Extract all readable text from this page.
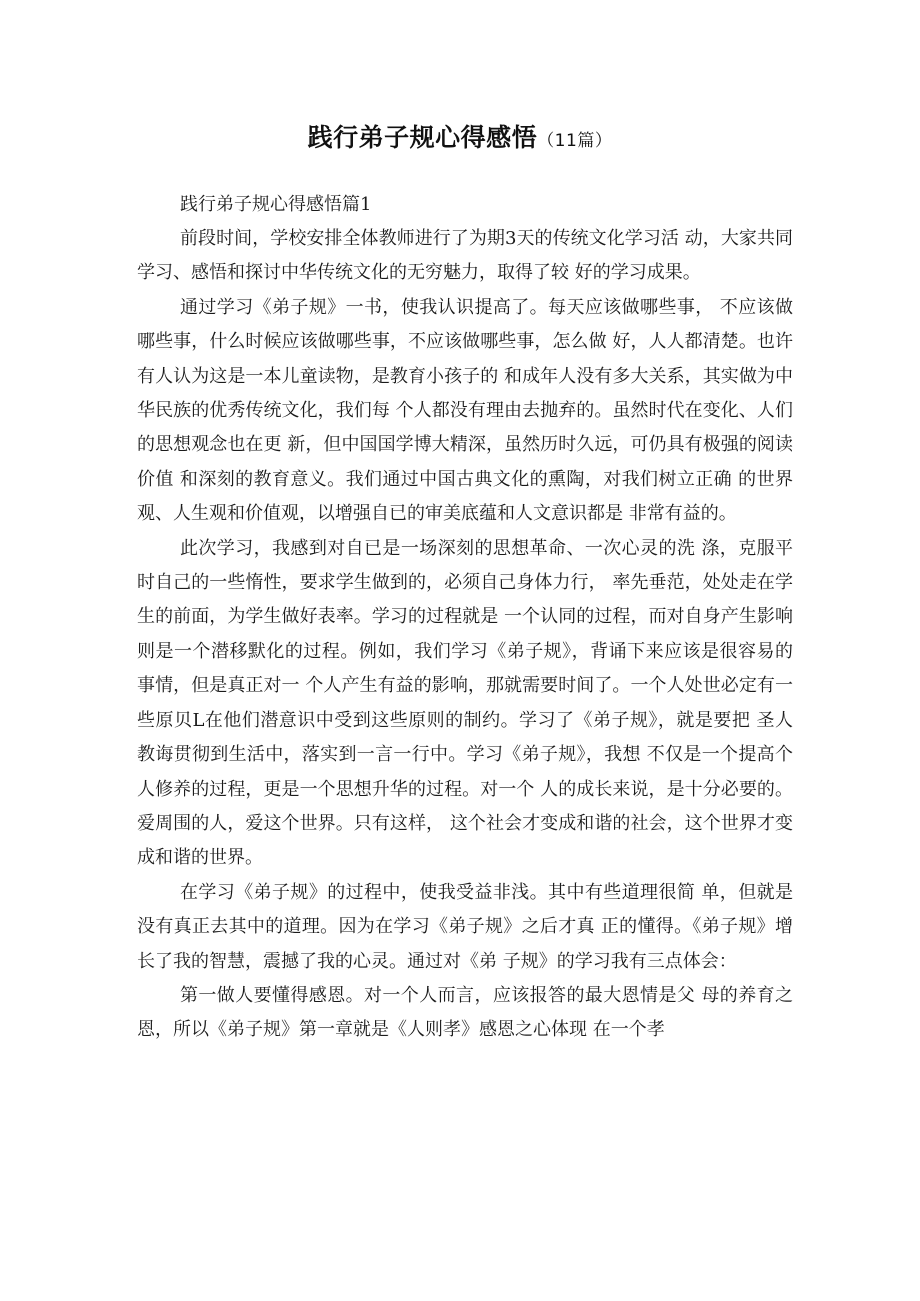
践行弟子规心得感悟（11篇）

践行弟子规心得感悟篇1

前段时间，学校安排全体教师进行了为期3天的传统文化学习活 动，大家共同学习、感悟和探讨中华传统文化的无穷魅力，取得了较 好的学习成果。

通过学习《弟子规》一书，使我认识提高了。每天应该做哪些事， 不应该做哪些事，什么时候应该做哪些事，不应该做哪些事，怎么做 好，人人都清楚。也许有人认为这是一本儿童读物，是教育小孩子的 和成年人没有多大关系，其实做为中华民族的优秀传统文化，我们每 个人都没有理由去抛弃的。虽然时代在变化、人们的思想观念也在更 新，但中国国学博大精深，虽然历时久远，可仍具有极强的阅读价值 和深刻的教育意义。我们通过中国古典文化的熏陶，对我们树立正确 的世界观、人生观和价值观，以增强自已的审美底蕴和人文意识都是 非常有益的。

此次学习，我感到对自已是一场深刻的思想革命、一次心灵的洗 涤，克服平时自己的一些惰性，要求学生做到的，必须自己身体力行， 率先垂范，处处走在学生的前面，为学生做好表率。学习的过程就是 一个认同的过程，而对自身产生影响则是一个潜移默化的过程。例如，我们学习《弟子规》，背诵下来应该是很容易的事情，但是真正对一 个人产生有益的影响，那就需要时间了。一个人处世必定有一些原贝L在他们潜意识中受到这些原则的制约。学习了《弟子规》，就是要把 圣人教诲贯彻到生活中，落实到一言一行中。学习《弟子规》，我想 不仅是一个提高个人修养的过程，更是一个思想升华的过程。对一个 人的成长来说，是十分必要的。爱周围的人，爱这个世界。只有这样， 这个社会才变成和谐的社会，这个世界才变成和谐的世界。

在学习《弟子规》的过程中，使我受益非浅。其中有些道理很简 单，但就是没有真正去其中的道理。因为在学习《弟子规》之后才真 正的懂得。《弟子规》增长了我的智慧，震撼了我的心灵。通过对《弟 子规》的学习我有三点体会：

第一做人要懂得感恩。对一个人而言，应该报答的最大恩情是父 母的养育之恩，所以《弟子规》第一章就是《人则孝》感恩之心体现 在一个孝
